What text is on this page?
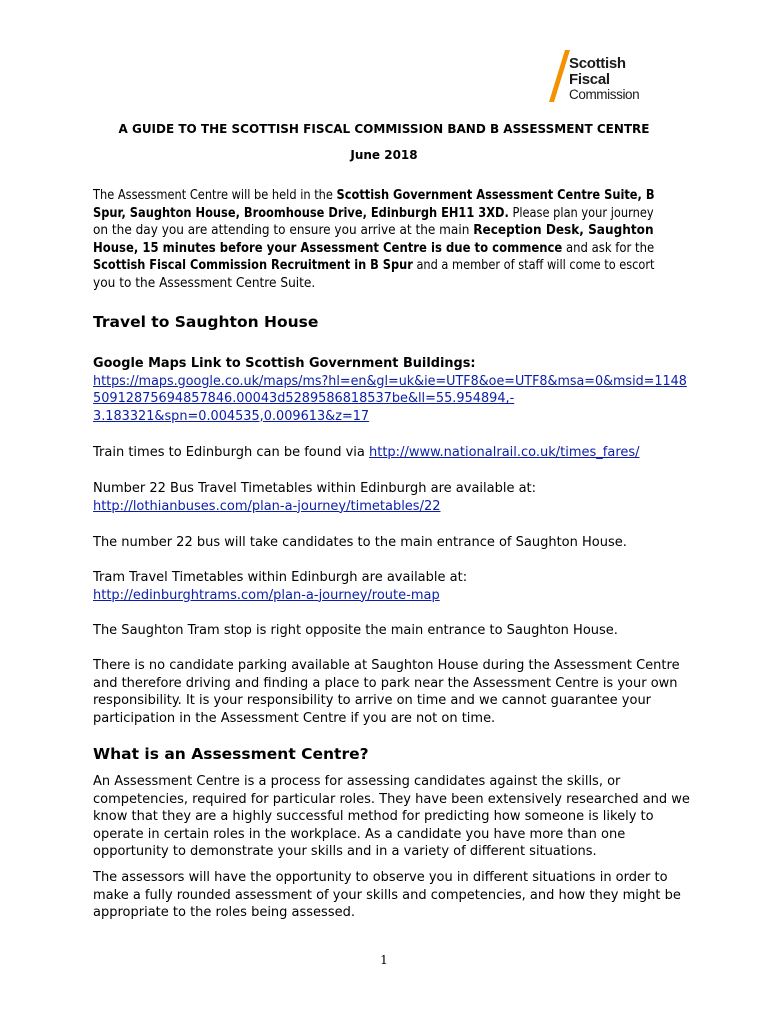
Scottish
Fiscal
Commission
A GUIDE TO THE SCOTTISH FISCAL COMMISSION BAND B ASSESSMENT CENTRE
June 2018
The Assessment Centre will be held in the Scottish Government Assessment Centre Suite, B
Spur, Saughton House, Broomhouse Drive, Edinburgh EH11 3XD. Please plan your journey
on the day you are attending to ensure you arrive at the main Reception Desk, Saughton
House, 15 minutes before your Assessment Centre is due to commence and ask for the
Scottish Fiscal Commission Recruitment in B Spur and a member of staff will come to escort
you to the Assessment Centre Suite.
Travel to Saughton House
Google Maps Link to Scottish Government Buildings:
https://maps.google.co.uk/maps/ms?hl=en&gl=uk&ie=UTF8&oe=UTF8&msa=0&msid=1148
50912875694857846.00043d5289586818537be&ll=55.954894,-
3.183321&spn=0.004535,0.009613&z=17
Train times to Edinburgh can be found via http://www.nationalrail.co.uk/times_fares/
Number 22 Bus Travel Timetables within Edinburgh are available at:
http://lothianbuses.com/plan-a-journey/timetables/22
The number 22 bus will take candidates to the main entrance of Saughton House.
Tram Travel Timetables within Edinburgh are available at:
http://edinburghtrams.com/plan-a-journey/route-map
The Saughton Tram stop is right opposite the main entrance to Saughton House.
There is no candidate parking available at Saughton House during the Assessment Centre
and therefore driving and finding a place to park near the Assessment Centre is your own
responsibility. It is your responsibility to arrive on time and we cannot guarantee your
participation in the Assessment Centre if you are not on time.
What is an Assessment Centre?
An Assessment Centre is a process for assessing candidates against the skills, or
competencies, required for particular roles. They have been extensively researched and we
know that they are a highly successful method for predicting how someone is likely to
operate in certain roles in the workplace. As a candidate you have more than one
opportunity to demonstrate your skills and in a variety of different situations.
The assessors will have the opportunity to observe you in different situations in order to
make a fully rounded assessment of your skills and competencies, and how they might be
appropriate to the roles being assessed.
1
